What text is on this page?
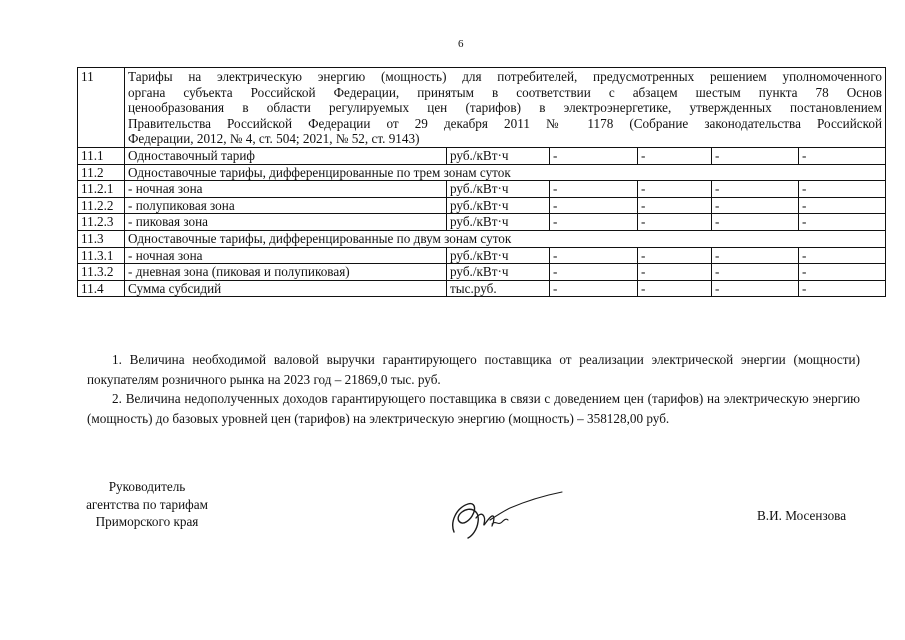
6
11	Тарифы на электрическую энергию (мощность) для потребителей, предусмотренных решением уполномоченного
органа субъекта Российской Федерации, принятым в соответствии с абзацем шестым пункта 78 Основ
ценообразования в области регулируемых цен (тарифов) в электроэнергетике, утвержденных постановлением
Правительства Российской Федерации от 29 декабря 2011 № 1178 (Собрание законодательства Российской
Федерации, 2012, № 4, ст. 504; 2021, № 52, ст. 9143)					

11.1	Одноставочный тариф	руб./кВт·ч	-	-	-	-
11.2	Одноставочные тарифы, дифференцированные по трем зонам суток					
11.2.1	- ночная зона	руб./кВт·ч	-	-	-	-
11.2.2	- полупиковая зона	руб./кВт·ч	-	-	-	-
11.2.3	- пиковая зона	руб./кВт·ч	-	-	-	-
11.3	Одноставочные тарифы, дифференцированные по двум зонам суток					
11.3.1	- ночная зона	руб./кВт·ч	-	-	-	-
11.3.2	- дневная зона (пиковая и полупиковая)	руб./кВт·ч	-	-	-	-
11.4	Сумма субсидий	тыс.руб.	-	-	-	-

1. Величина необходимой валовой выручки гарантирующего поставщика от реализации электрической энергии (мощности) покупателям розничного рынка на 2023 год – 21869,0 тыс. руб.

2. Величина недополученных доходов гарантирующего поставщика в связи с доведением цен (тарифов) на электрическую энергию (мощность) до базовых уровней цен (тарифов) на электрическую энергию (мощность) – 358128,00 руб.

Руководитель
агентства по тарифам
Приморского края	В.И. Мосензова
